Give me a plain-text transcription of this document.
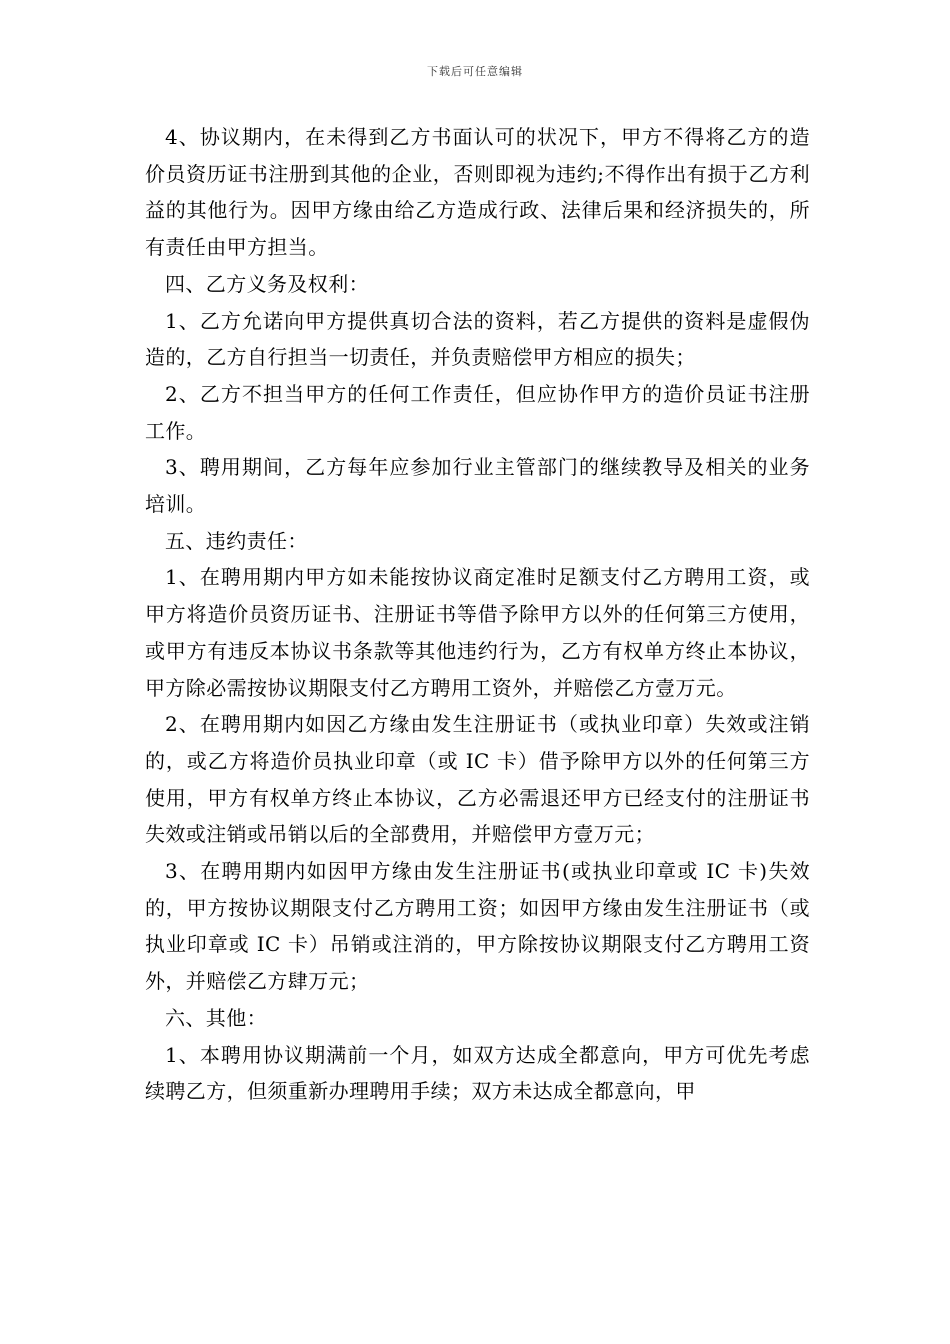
下载后可任意编辑

4、协议期内，在未得到乙方书面认可的状况下，甲方不得将乙方的造价员资历证书注册到其他的企业，否则即视为违约;不得作出有损于乙方利益的其他行为。因甲方缘由给乙方造成行政、法律后果和经济损失的，所有责任由甲方担当。

四、乙方义务及权利：

1、乙方允诺向甲方提供真切合法的资料，若乙方提供的资料是虚假伪造的，乙方自行担当一切责任，并负责赔偿甲方相应的损失；

2、乙方不担当甲方的任何工作责任，但应协作甲方的造价员证书注册工作。

3、聘用期间，乙方每年应参加行业主管部门的继续教导及相关的业务培训。

五、违约责任：

1、在聘用期内甲方如未能按协议商定准时足额支付乙方聘用工资，或甲方将造价员资历证书、注册证书等借予除甲方以外的任何第三方使用，或甲方有违反本协议书条款等其他违约行为，乙方有权单方终止本协议，甲方除必需按协议期限支付乙方聘用工资外，并赔偿乙方壹万元。

2、在聘用期内如因乙方缘由发生注册证书（或执业印章）失效或注销的，或乙方将造价员执业印章（或 IC 卡）借予除甲方以外的任何第三方使用，甲方有权单方终止本协议，乙方必需退还甲方已经支付的注册证书失效或注销或吊销以后的全部费用，并赔偿甲方壹万元；

3、在聘用期内如因甲方缘由发生注册证书(或执业印章或 IC 卡)失效的，甲方按协议期限支付乙方聘用工资；如因甲方缘由发生注册证书（或执业印章或 IC 卡）吊销或注消的，甲方除按协议期限支付乙方聘用工资外，并赔偿乙方肆万元；

六、其他：

1、本聘用协议期满前一个月，如双方达成全都意向，甲方可优先考虑续聘乙方，但须重新办理聘用手续；双方未达成全都意向，甲
